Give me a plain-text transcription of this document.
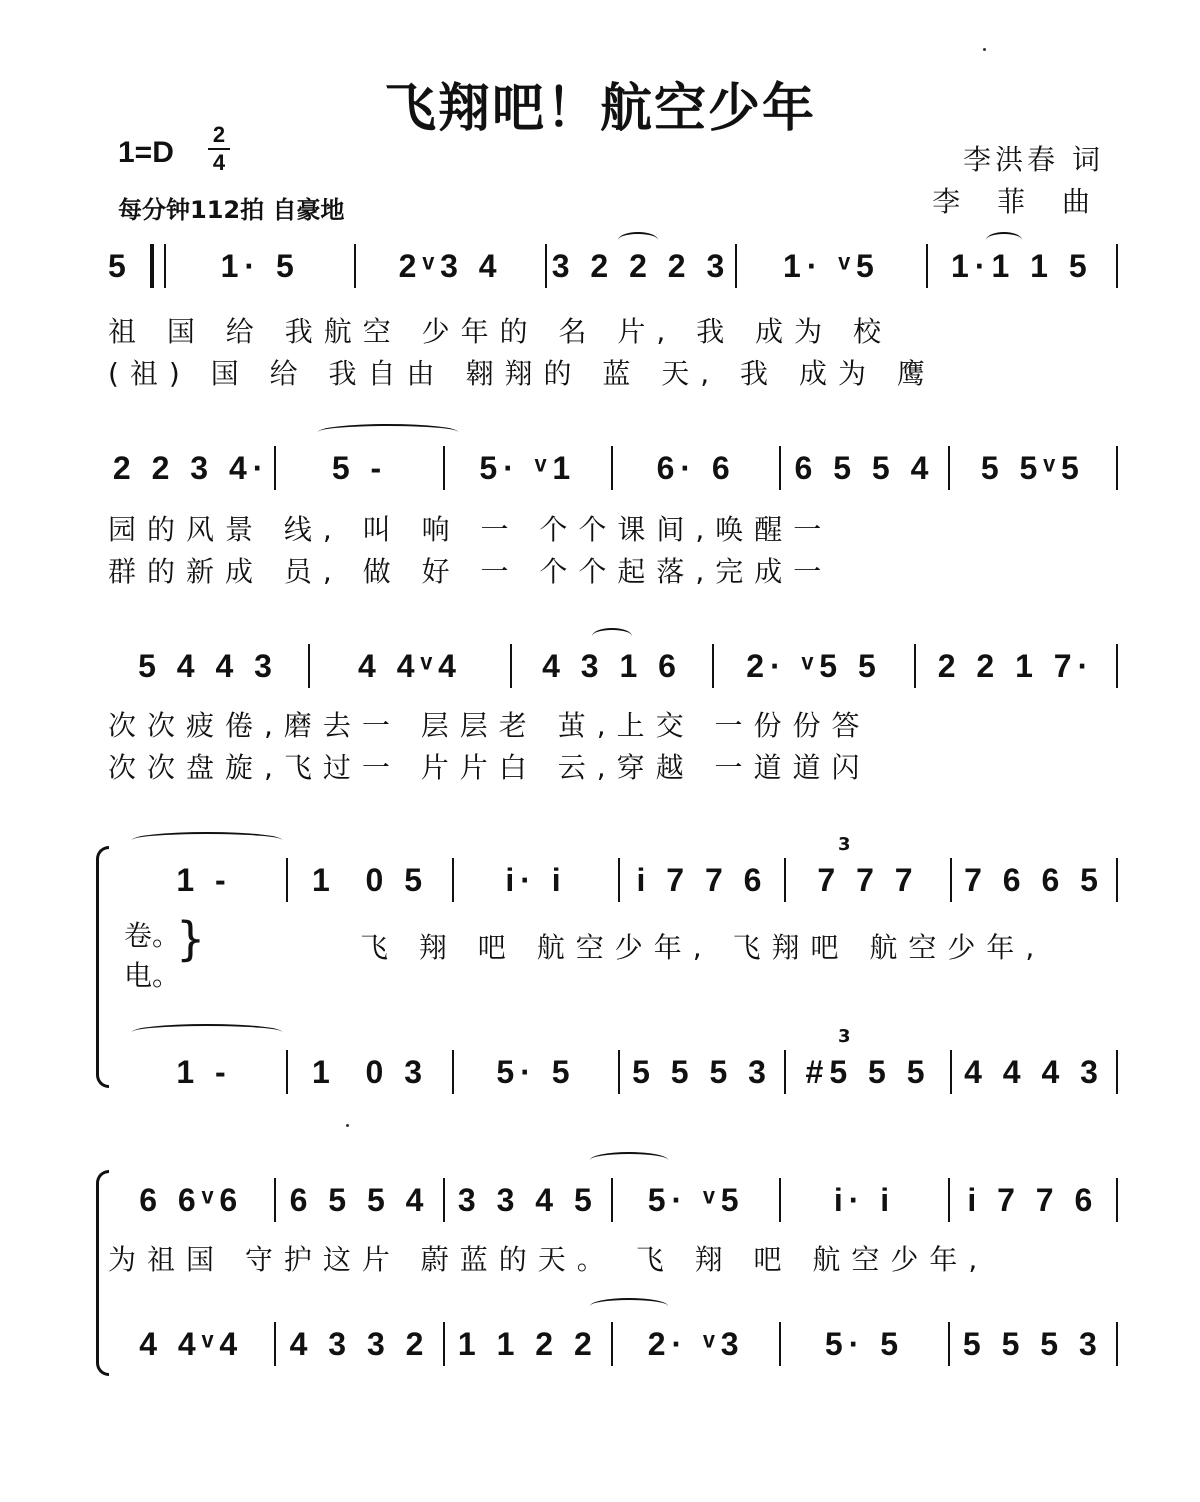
飞翔吧！航空少年
1=D
2
4
每分钟112拍 自豪地
李洪春 词
李 菲 曲
5	1· 5	2ᵛ3 4	3 2 2 2 3	1· ᵛ5	1·1 1 5
祖 国 给 我航空 少年的 名 片, 我 成为 校
(祖) 国 给 我自由 翱翔的 蓝 天, 我 成为 鹰
2 2 3 4·	5 -	5· ᵛ1	6· 6	6 5 5 4	5 5ᵛ5
园的风景 线, 叫 响 一 个个课间,唤醒一
群的新成 员, 做 好 一 个个起落,完成一
5 4 4 3	4 4ᵛ4	4 3 1 6	2· ᵛ5 5	2 2 1 7·
次次疲倦,磨去一 层层老 茧,上交 一份份答
次次盘旋,飞过一 片片白 云,穿越 一道道闪
1 -	1  0 5	i· i	i 7 7 6	7 7 7	7 6 6 5
3
卷。
电。
}	飞 翔 吧 航空少年, 飞翔吧 航空少年,
1 -	1  0 3	5· 5	5 5 5 3	#5 5 5	4 4 4 3
3
6 6ᵛ6	6 5 5 4 3 3 4 5	5· ᵛ5	i· i	i 7 7 6
为祖国 守护这片 蔚蓝的天。 飞 翔 吧 航空少年,
4 4ᵛ4	4 3 3 2 1 1 2 2	2· ᵛ3	5· 5	5 5 5 3
